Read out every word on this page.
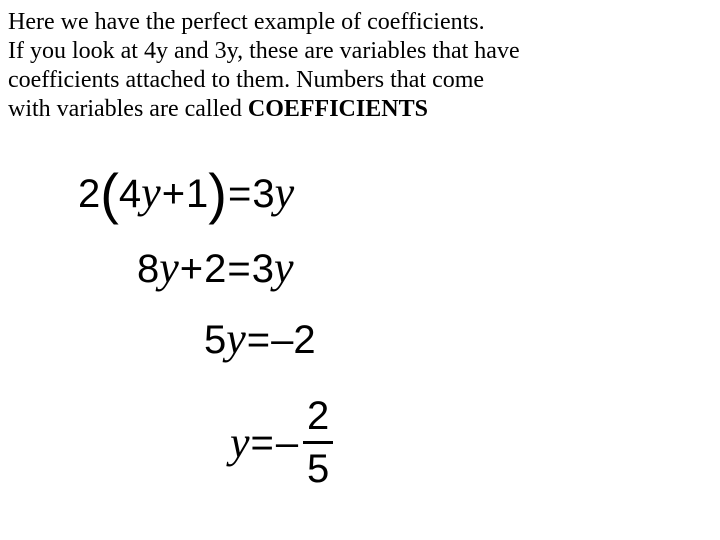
Here we have the perfect example of coefficients.
If you look at 4y and 3y, these are variables that have
coefficients attached to them. Numbers that come
with variables are called COEFFICIENTS
2(4y+1)=3y
8y+2=3y
5y=–2
y = – $\frac{2}{5}$
